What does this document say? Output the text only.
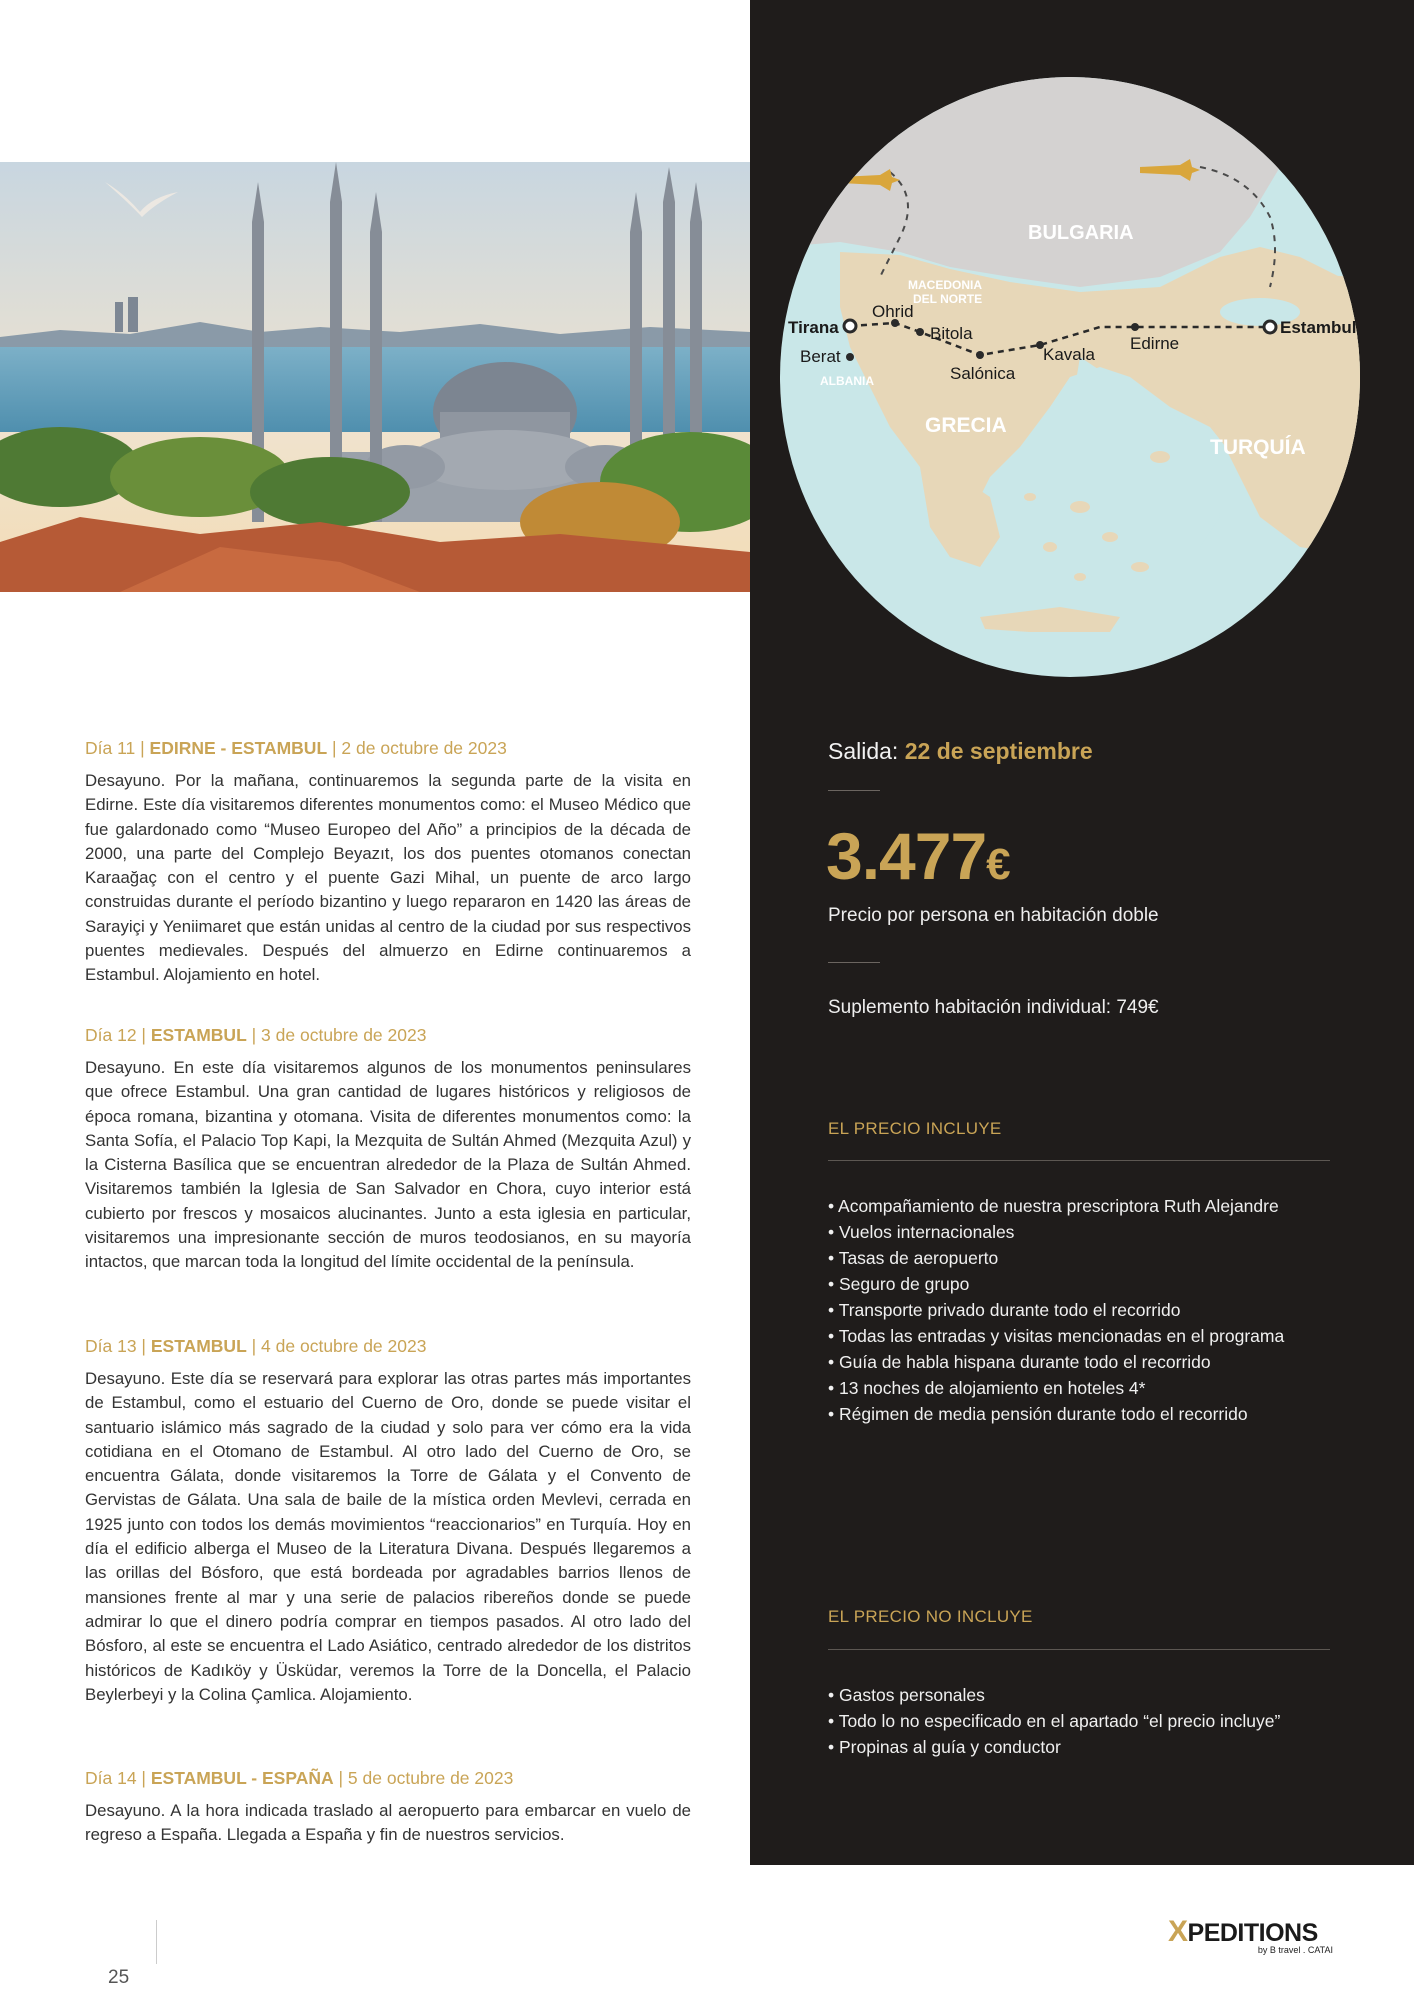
BULGARIA
MACEDONIA DEL NORTE
ALBANIA
GRECIA
TURQUÍA
Tirana
Ohrid
Bitola
Berat
Salónica
Kavala
Edirne
Estambul
Salida: 22 de septiembre
3.477€
Precio por persona en habitación doble
Suplemento habitación individual: 749€
EL PRECIO INCLUYE
• Acompañamiento de nuestra prescriptora Ruth Alejandre
• Vuelos internacionales
• Tasas de aeropuerto
• Seguro de grupo
• Transporte privado durante todo el recorrido
• Todas las entradas y visitas mencionadas en el programa
• Guía de habla hispana durante todo el recorrido
• 13 noches de alojamiento en hoteles 4*
• Régimen de media pensión durante todo el recorrido
EL PRECIO NO INCLUYE
• Gastos personales
• Todo lo no especificado en el apartado “el precio incluye”
• Propinas al guía y conductor
Día 11 | EDIRNE - ESTAMBUL | 2 de octubre de 2023
Desayuno. Por la mañana, continuaremos la segunda parte de la visita en Edirne. Este día visitaremos diferentes monumentos como: el Museo Médico que fue galardonado como “Museo Europeo del Año” a principios de la década de 2000, una parte del Complejo Beyazıt, los dos puentes otomanos conectan Karaağaç con el centro y el puente Gazi Mihal, un puente de arco largo construidas durante el período bizantino y luego repararon en 1420 las áreas de Sarayiçi y Yeniimaret que están unidas al centro de la ciudad por sus respectivos puentes medievales. Después del almuerzo en Edirne continuaremos a Estambul. Alojamiento en hotel.
Día 12 | ESTAMBUL | 3 de octubre de 2023
Desayuno. En este día visitaremos algunos de los monumentos peninsulares que ofrece Estambul. Una gran cantidad de lugares históricos y religiosos de época romana, bizantina y otomana. Visita de diferentes monumentos como: la Santa Sofía, el Palacio Top Kapi, la Mezquita de Sultán Ahmed (Mezquita Azul) y la Cisterna Basílica que se encuentran alrededor de la Plaza de Sultán Ahmed. Visitaremos también la Iglesia de San Salvador en Chora, cuyo interior está cubierto por frescos y mosaicos alucinantes. Junto a esta iglesia en particular, visitaremos una impresionante sección de muros teodosianos, en su mayoría intactos, que marcan toda la longitud del límite occidental de la península.
Día 13 | ESTAMBUL | 4 de octubre de 2023
Desayuno. Este día se reservará para explorar las otras partes más importantes de Estambul, como el estuario del Cuerno de Oro, donde se puede visitar el santuario islámico más sagrado de la ciudad y solo para ver cómo era la vida cotidiana en el Otomano de Estambul. Al otro lado del Cuerno de Oro, se encuentra Gálata, donde visitaremos la Torre de Gálata y el Convento de Gervistas de Gálata. Una sala de baile de la mística orden Mevlevi, cerrada en 1925 junto con todos los demás movimientos “reaccionarios” en Turquía. Hoy en día el edificio alberga el Museo de la Literatura Divana. Después llegaremos a las orillas del Bósforo, que está bordeada por agradables barrios llenos de mansiones frente al mar y una serie de palacios ribereños donde se puede admirar lo que el dinero podría comprar en tiempos pasados. Al otro lado del Bósforo, al este se encuentra el Lado Asiático, centrado alrededor de los distritos históricos de Kadıköy y Üsküdar, veremos la Torre de la Doncella, el Palacio Beylerbeyi y la Colina Çamlica. Alojamiento.
Día 14 | ESTAMBUL - ESPAÑA | 5 de octubre de 2023
Desayuno. A la hora indicada traslado al aeropuerto para embarcar en vuelo de regreso a España. Llegada a España y fin de nuestros servicios.
25
XPEDITIONS
by B travel . CATAI
